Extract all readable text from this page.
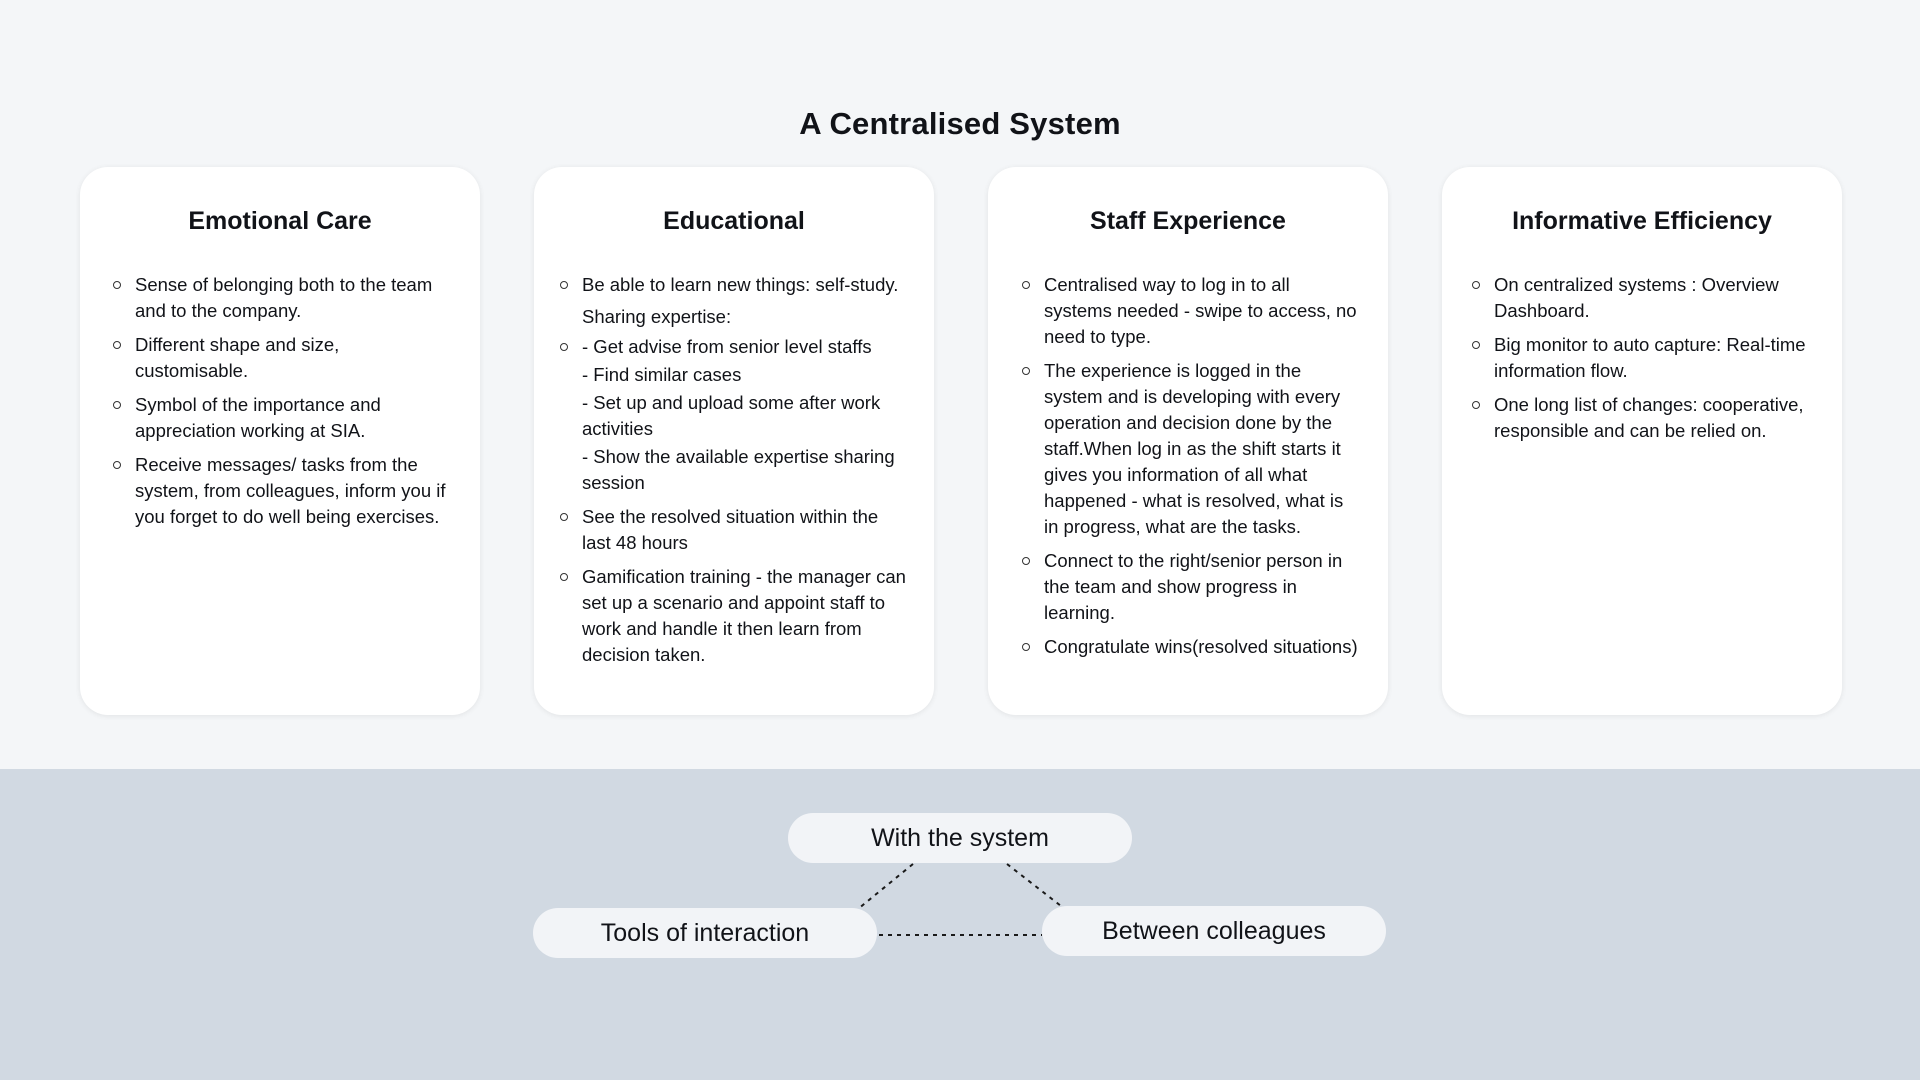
A Centralised System
Emotional Care
Sense of belonging both to the team and to the company.
Different shape and size, customisable.
Symbol of the importance and appreciation working at SIA.
Receive messages/ tasks from the system, from colleagues, inform you if you forget to do well being exercises.
Educational
Be able to learn new things: self-study.
Sharing expertise:
- Get advise from senior level staffs
- Find similar cases
- Set up and upload some after work activities
- Show the available expertise sharing session
See the resolved situation within the last 48 hours
Gamification training - the manager can set up a scenario and appoint staff to work and handle it then learn from decision taken.
Staff Experience
Centralised way to log in to all systems needed - swipe to access, no need to type.
The experience is logged in the system and is developing with every operation and decision done by the staff.When log in as the shift starts it gives you information of all what happened - what is resolved, what is in progress, what are the tasks.
Connect to the right/senior person in the team and show progress in learning.
Congratulate wins(resolved situations)
Informative Efficiency
On centralized systems : Overview Dashboard.
Big monitor to auto capture: Real-time information flow.
One long list of changes: cooperative, responsible and can be relied on.
With the system
Tools of interaction	Between colleagues
